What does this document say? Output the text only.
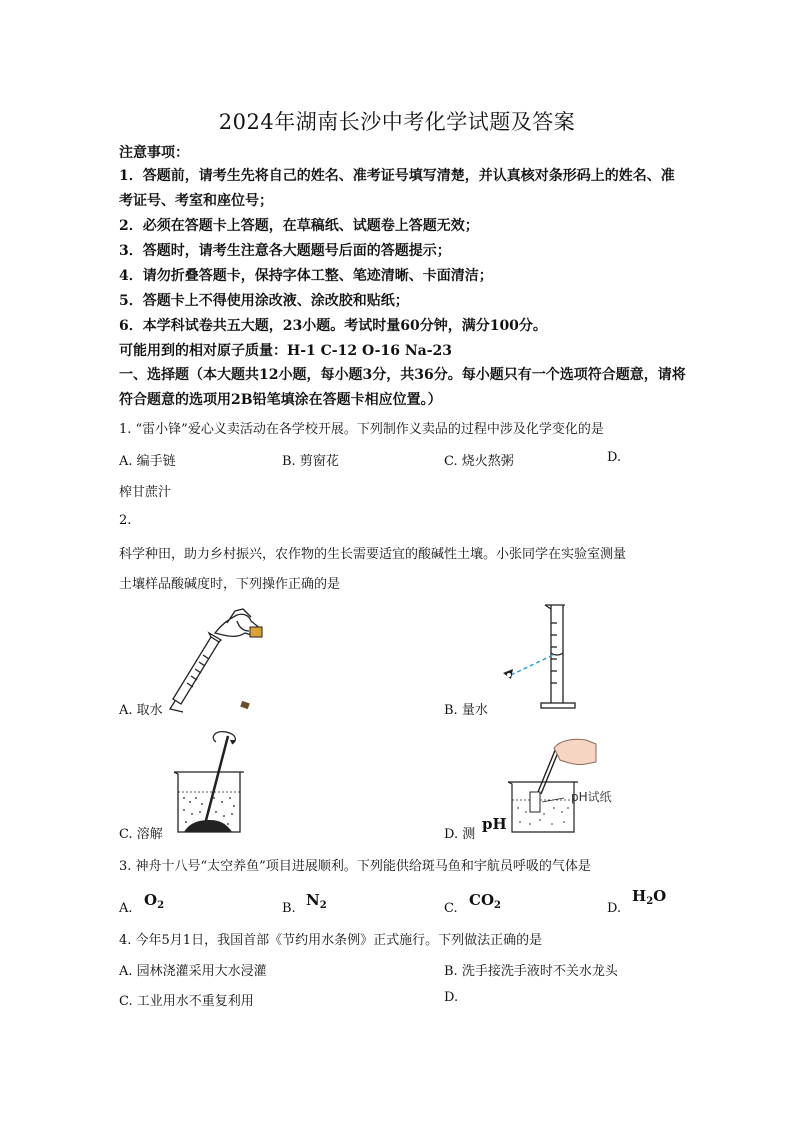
2024年湖南长沙中考化学试题及答案
注意事项：
1．答题前，请考生先将自己的姓名、准考证号填写清楚，并认真核对条形码上的姓名、准
考证号、考室和座位号；
2．必须在答题卡上答题，在草稿纸、试题卷上答题无效；
3．答题时，请考生注意各大题题号后面的答题提示；
4．请勿折叠答题卡，保持字体工整、笔迹清晰、卡面清洁；
5．答题卡上不得使用涂改液、涂改胶和贴纸；
6．本学科试卷共五大题，23小题。考试时量60分钟，满分100分。
可能用到的相对原子质量：H-1 C-12 O-16 Na-23
一、选择题（本大题共12小题，每小题3分，共36分。每小题只有一个选项符合题意，请将
符合题意的选项用2B铅笔填涂在答题卡相应位置。）
1. “雷小锋”爱心义卖活动在各学校开展。下列制作义卖品的过程中涉及化学变化的是
A. 编手链	B. 剪窗花	C. 烧火熬粥	D.
榨甘蔗汁
2.
科学种田，助力乡村振兴，农作物的生长需要适宜的酸碱性土壤。小张同学在实验室测量
土壤样品酸碱度时，下列操作正确的是
A. 取水	B. 量水
C. 溶解
pH试纸
D. 测
pH
3. 神舟十八号“太空养鱼”项目进展顺利。下列能供给斑马鱼和宇航员呼吸的气体是
A. $O_2$	B. $N_2$	C. $CO_2$	D.
$H_2O$
4. 今年5月1日，我国首部《节约用水条例》正式施行。下列做法正确的是
A. 园林浇灌采用大水浸灌	B. 洗手接洗手液时不关水龙头
C. 工业用水不重复利用	D.
